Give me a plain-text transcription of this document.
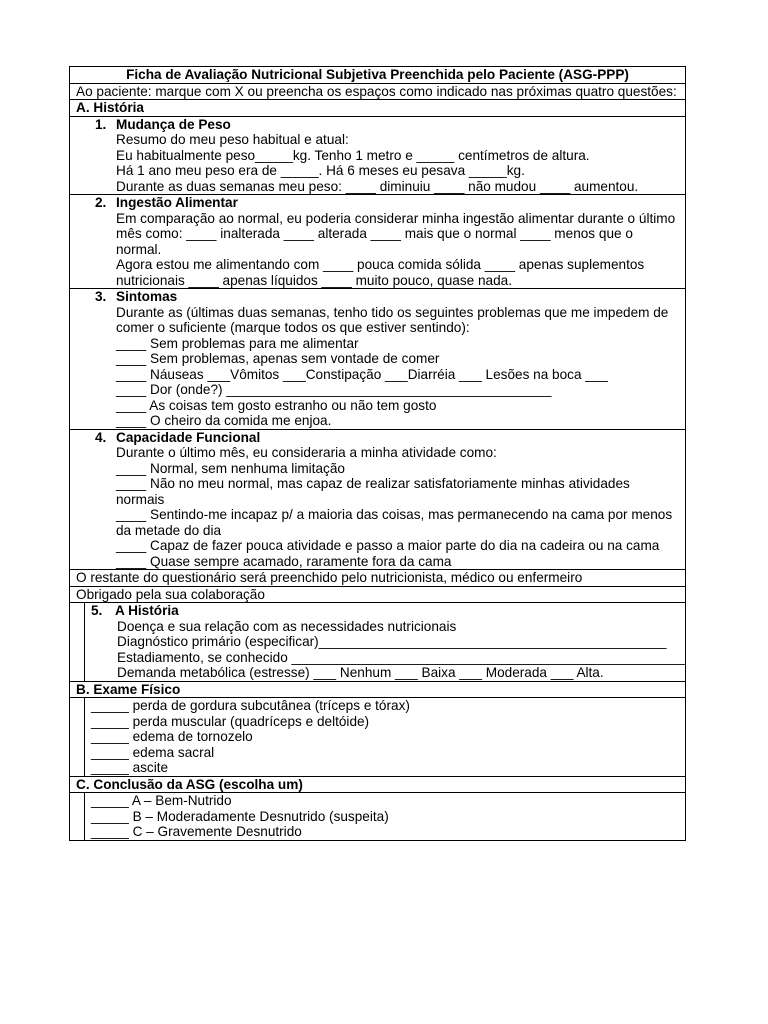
Ficha de Avaliação Nutricional Subjetiva Preenchida pelo Paciente (ASG-PPP)
Ao paciente: marque com X ou preencha os espaços como indicado nas próximas quatro questões:
A. História
1. Mudança de Peso
Resumo do meu peso habitual e atual:
Eu habitualmente peso_____kg. Tenho 1 metro e _____ centímetros de altura.
Há 1 ano meu peso era de _____. Há 6 meses eu pesava _____kg.
Durante as duas semanas meu peso: ____ diminuiu ____ não mudou ____ aumentou.
2. Ingestão Alimentar
Em comparação ao normal, eu poderia considerar minha ingestão alimentar durante o último mês como: ____ inalterada ____ alterada ____ mais que o normal ____ menos que o normal.
Agora estou me alimentando com ____ pouca comida sólida ____ apenas suplementos nutricionais ____ apenas líquidos ____ muito pouco, quase nada.
3. Sintomas
Durante as (últimas duas semanas, tenho tido os seguintes problemas que me impedem de comer o suficiente (marque todos os que estiver sentindo):
____ Sem problemas para me alimentar
____ Sem problemas, apenas sem vontade de comer
____ Náuseas ___Vômitos ___Constipação ___Diarréia ___ Lesões na boca ___
____ Dor (onde?) ___________________________________________
____ As coisas tem gosto estranho ou não tem gosto
____ O cheiro da comida me enjoa.
4. Capacidade Funcional
Durante o último mês, eu consideraria a minha atividade como:
____ Normal, sem nenhuma limitação
____ Não no meu normal, mas capaz de realizar satisfatoriamente minhas atividades normais
____ Sentindo-me incapaz p/ a maioria das coisas, mas permanecendo na cama por menos da metade do dia
____ Capaz de fazer pouca atividade e passo a maior parte do dia na cadeira ou na cama
____ Quase sempre acamado, raramente fora da cama
O restante do questionário será preenchido pelo nutricionista, médico ou enfermeiro
Obrigado pela sua colaboração
5. A História
Doença e sua relação com as necessidades nutricionais
Diagnóstico primário (especificar)______________________________________________
Estadiamento, se conhecido ____________________________________________________
Demanda metabólica (estresse) ___ Nenhum ___ Baixa ___ Moderada ___ Alta.
B. Exame Físico
_____ perda de gordura subcutânea (tríceps e tórax)
_____ perda muscular (quadríceps e deltóide)
_____ edema de tornozelo
_____ edema sacral
_____ ascite
C. Conclusão da ASG (escolha um)
_____ A – Bem-Nutrido
_____ B – Moderadamente Desnutrido (suspeita)
_____ C – Gravemente Desnutrido
